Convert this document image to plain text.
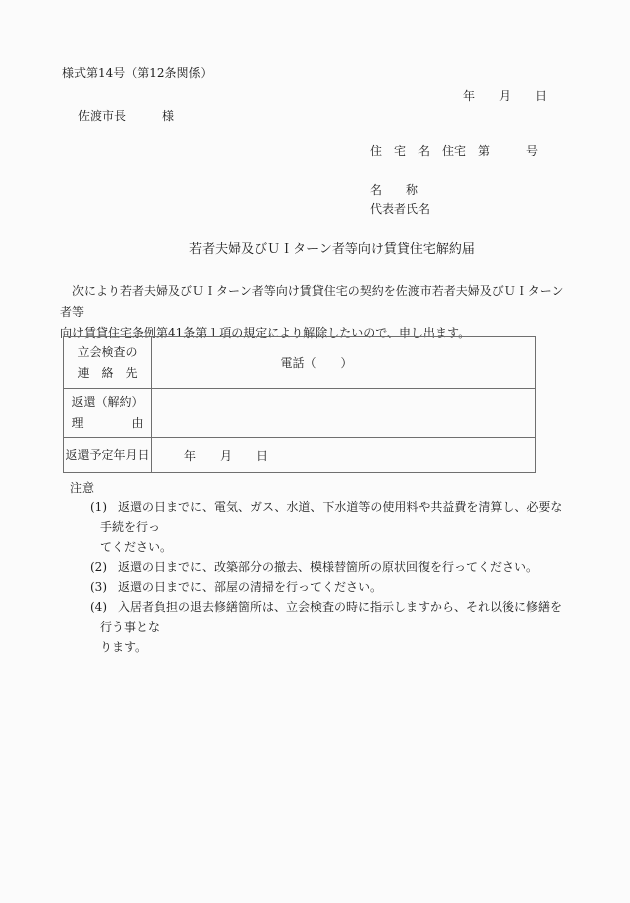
様式第14号（第12条関係）
年　　月　　日
佐渡市長　　　様
住　宅　名　住宅　第　　　号
名　　称
代表者氏名
若者夫婦及びＵＩターン者等向け賃貸住宅解約届
　次により若者夫婦及びＵＩターン者等向け賃貸住宅の契約を佐渡市若者夫婦及びＵＩターン者等
向け賃貸住宅条例第41条第１項の規定により解除したいので、申し出ます。
立会検査の
連　絡　先	電話（　　）

返還（解約）
理　　　　由	

返還予定年月日	年　　月　　日
注意
(1) 返還の日までに、電気、ガス、水道、下水道等の使用料や共益費を清算し、必要な手続を行っ
てください。
(2) 返還の日までに、改築部分の撤去、模様替箇所の原状回復を行ってください。
(3) 返還の日までに、部屋の清掃を行ってください。
(4) 入居者負担の退去修繕箇所は、立会検査の時に指示しますから、それ以後に修繕を行う事とな
ります。
